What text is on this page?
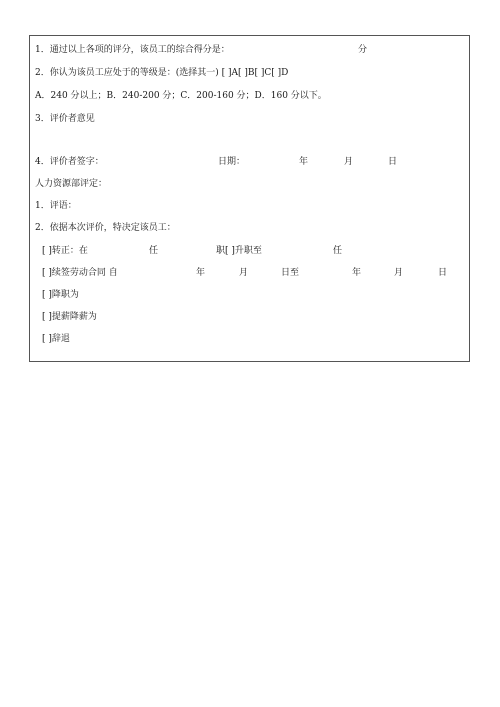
1．通过以上各项的评分，该员工的综合得分是：	分
2．你认为该员工应处于的等级是：(选择其一) [ ]A[ ]B[ ]C[ ]D
A．240 分以上；B．240-200 分；C．200-160 分；D．160 分以下。
3．评价者意见
4．评价者签字：	日期：	年	月	日
人力资源部评定：
1．评语：
2．依据本次评价，特决定该员工：
[ ]转正：在	任	职[ ]升职至	任
[ ]续签劳动合同 自	年	月	日至	年	月	日
[ ]降职为
[ ]提薪降薪为
[ ]辞退
